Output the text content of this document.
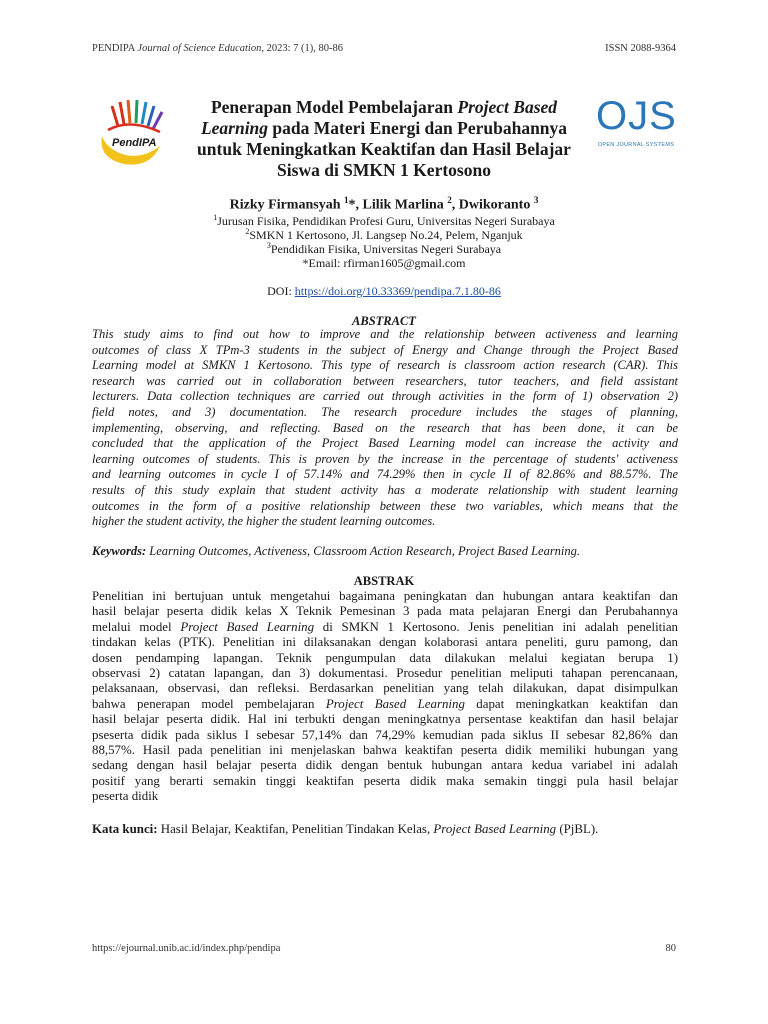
PENDIPA Journal of Science Education, 2023: 7 (1), 80-86	ISSN 2088-9364
PendIPA
OJS
OPEN JOURNAL SYSTEMS
Penerapan Model Pembelajaran Project Based
Learning pada Materi Energi dan Perubahannya
untuk Meningkatkan Keaktifan dan Hasil Belajar
Siswa di SMKN 1 Kertosono
Rizky Firmansyah $^1$*, Lilik Marlina $^2$, Dwikoranto $^3$
$^1$Jurusan Fisika, Pendidikan Profesi Guru, Universitas Negeri Surabaya
$^2$SMKN 1 Kertosono, Jl. Langsep No.24, Pelem, Nganjuk
$^3$Pendidikan Fisika, Universitas Negeri Surabaya
*Email: rfirman1605@gmail.com
DOI: https://doi.org/10.33369/pendipa.7.1.80-86
ABSTRACT
This study aims to find out how to improve and the relationship between activeness and learning
outcomes of class X TPm-3 students in the subject of Energy and Change through the Project Based
Learning model at SMKN 1 Kertosono. This type of research is classroom action research (CAR). This
research was carried out in collaboration between researchers, tutor teachers, and field assistant
lecturers. Data collection techniques are carried out through activities in the form of 1) observation 2)
field notes, and 3) documentation. The research procedure includes the stages of planning,
implementing, observing, and reflecting. Based on the research that has been done, it can be
concluded that the application of the Project Based Learning model can increase the activity and
learning outcomes of students. This is proven by the increase in the percentage of students' activeness
and learning outcomes in cycle I of 57.14% and 74.29% then in cycle II of 82.86% and 88.57%. The
results of this study explain that student activity has a moderate relationship with student learning
outcomes in the form of a positive relationship between these two variables, which means that the
higher the student activity, the higher the student learning outcomes.
Keywords: Learning Outcomes, Activeness, Classroom Action Research, Project Based Learning.
ABSTRAK
Penelitian ini bertujuan untuk mengetahui bagaimana peningkatan dan hubungan antara keaktifan dan
hasil belajar peserta didik kelas X Teknik Pemesinan 3 pada mata pelajaran Energi dan Perubahannya
melalui model Project Based Learning di SMKN 1 Kertosono. Jenis penelitian ini adalah penelitian
tindakan kelas (PTK). Penelitian ini dilaksanakan dengan kolaborasi antara peneliti, guru pamong, dan
dosen pendamping lapangan. Teknik pengumpulan data dilakukan melalui kegiatan berupa 1)
observasi 2) catatan lapangan, dan 3) dokumentasi. Prosedur penelitian meliputi tahapan perencanaan,
pelaksanaan, observasi, dan refleksi. Berdasarkan penelitian yang telah dilakukan, dapat disimpulkan
bahwa penerapan model pembelajaran Project Based Learning dapat meningkatkan keaktifan dan
hasil belajar peserta didik. Hal ini terbukti dengan meningkatnya persentase keaktifan dan hasil belajar
pseserta didik pada siklus I sebesar 57,14% dan 74,29% kemudian pada siklus II sebesar 82,86% dan
88,57%. Hasil pada penelitian ini menjelaskan bahwa keaktifan peserta didik memiliki hubungan yang
sedang dengan hasil belajar peserta didik dengan bentuk hubungan antara kedua variabel ini adalah
positif yang berarti semakin tinggi keaktifan peserta didik maka semakin tinggi pula hasil belajar
peserta didik
Kata kunci: Hasil Belajar, Keaktifan, Penelitian Tindakan Kelas, Project Based Learning (PjBL).
https://ejournal.unib.ac.id/index.php/pendipa	80
